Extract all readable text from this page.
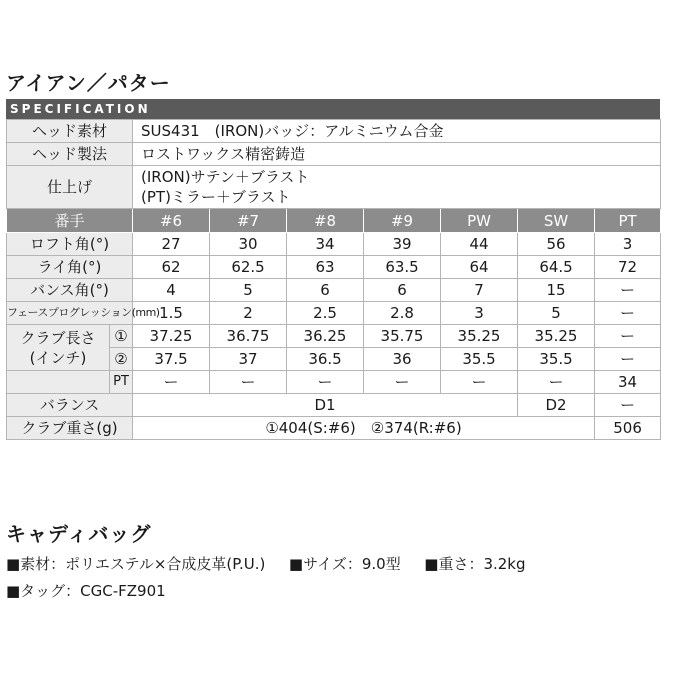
アイアン／パター
SPECIFICATION
ヘッド素材		SUS431　(IRON)バッジ：アルミニウム合金						
ヘッド製法		ロストワックス精密鋳造						
仕上げ		(IRON)サテン＋ブラスト
(PT)ミラー＋ブラスト						

番手		#6	#7	#8	#9	PW	SW	PT
ロフト角(°)		27	30	34	39	44	56	3
ライ角(°)		62	62.5	63	63.5	64	64.5	72
バンス角(°)		4	5	6	6	7	15	ー
フェースプログレッション(mm)		1.5	2	2.5	2.8	3	5	ー

クラブ長さ
(インチ)	①	37.25	36.75	36.25	35.75	35.25	35.25	ー
	②	37.5	37	36.5	36	35.5	35.5	ー
	PT	ー	ー	ー	ー	ー	ー	34
バランス		D1					D2	ー
クラブ重さ(g)		①404(S:#6)　②374(R:#6)						506
キャディバッグ
■素材：ポリエステル×合成皮革(P.U.) ■サイズ：9.0型 ■重さ：3.2kg
■タッグ：CGC-FZ901
